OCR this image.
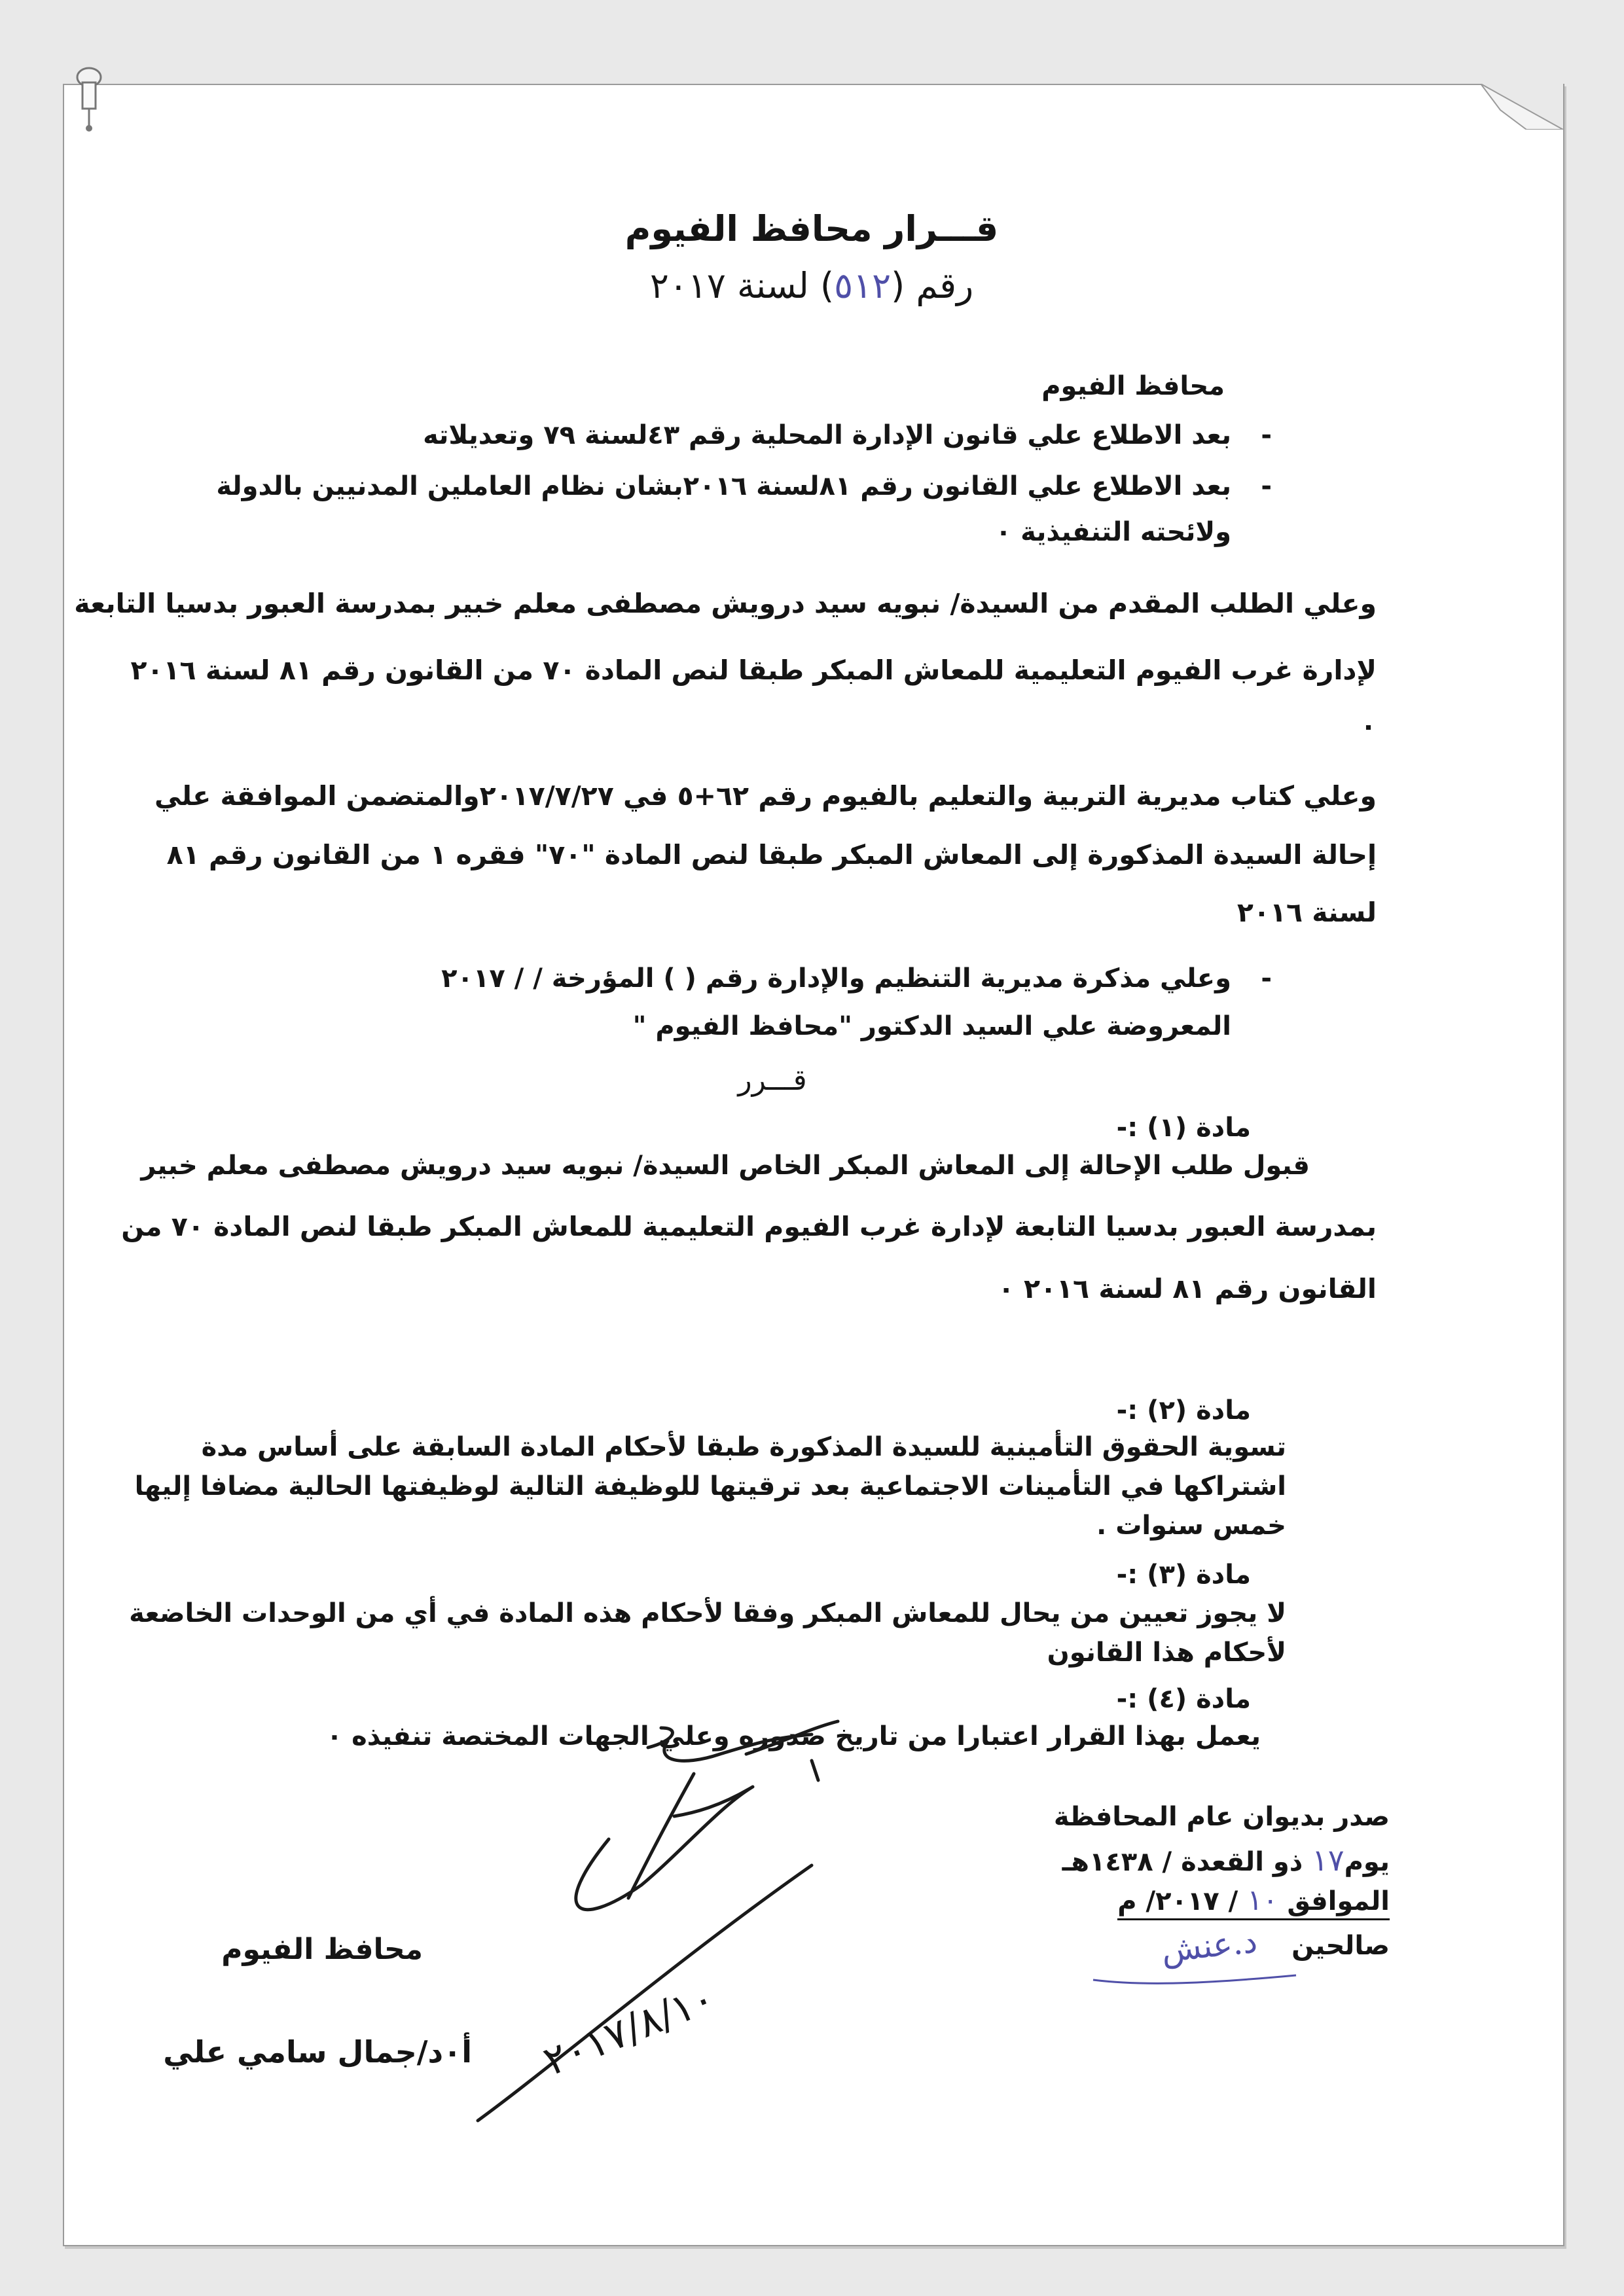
قـــرار محافظ الفيوم
رقم (٥١٢) لسنة ٢٠١٧
محافظ الفيوم
- بعد الاطلاع علي قانون الإدارة المحلية رقم ٤٣لسنة ٧٩ وتعديلاته
- بعد الاطلاع علي القانون رقم ٨١لسنة ٢٠١٦بشان نظام العاملين المدنيين بالدولة
ولائحته التنفيذية ٠
وعلي الطلب المقدم من السيدة/ نبويه سيد درويش مصطفى معلم خبير بمدرسة العبور بدسيا التابعة
لإدارة غرب الفيوم التعليمية للمعاش المبكر طبقا لنص المادة ٧٠ من القانون رقم ٨١ لسنة ٢٠١٦
٠
وعلي كتاب مديرية التربية والتعليم بالفيوم رقم ٦٢+٥ في ٢٠١٧/٧/٢٧والمتضمن الموافقة علي
إحالة السيدة المذكورة إلى المعاش المبكر طبقا لنص المادة "٧٠" فقره ١ من القانون رقم ٨١
لسنة ٢٠١٦
- وعلي مذكرة مديرية التنظيم والإدارة رقم ( ) المؤرخة / / ٢٠١٧
المعروضة علي السيد الدكتور "محافظ الفيوم "
قـــرر
مادة (١) :-
قبول طلب الإحالة إلى المعاش المبكر الخاص السيدة/ نبويه سيد درويش مصطفى معلم خبير
بمدرسة العبور بدسيا التابعة لإدارة غرب الفيوم التعليمية للمعاش المبكر طبقا لنص المادة ٧٠ من
القانون رقم ٨١ لسنة ٢٠١٦ ٠
مادة (٢) :-
تسوية الحقوق التأمينية للسيدة المذكورة طبقا لأحكام المادة السابقة على أساس مدة
اشتراكها في التأمينات الاجتماعية بعد ترقيتها للوظيفة التالية لوظيفتها الحالية مضافا إليها
خمس سنوات .
مادة (٣) :-
لا يجوز تعيين من يحال للمعاش المبكر وفقا لأحكام هذه المادة في أي من الوحدات الخاضعة
لأحكام هذا القانون
مادة (٤) :-
يعمل بهذا القرار اعتبارا من تاريخ صدوره وعلي الجهات المختصة تنفيذه ٠
صدر بديوان عام المحافظة
يوم١٧ ذو القعدة / ١٤٣٨هـ
الموافق ١٠ / ٢٠١٧/ م
صالحين
د.عنش
محافظ الفيوم
أ٠د/جمال سامي علي ٢٠١٧/٨/١٠
